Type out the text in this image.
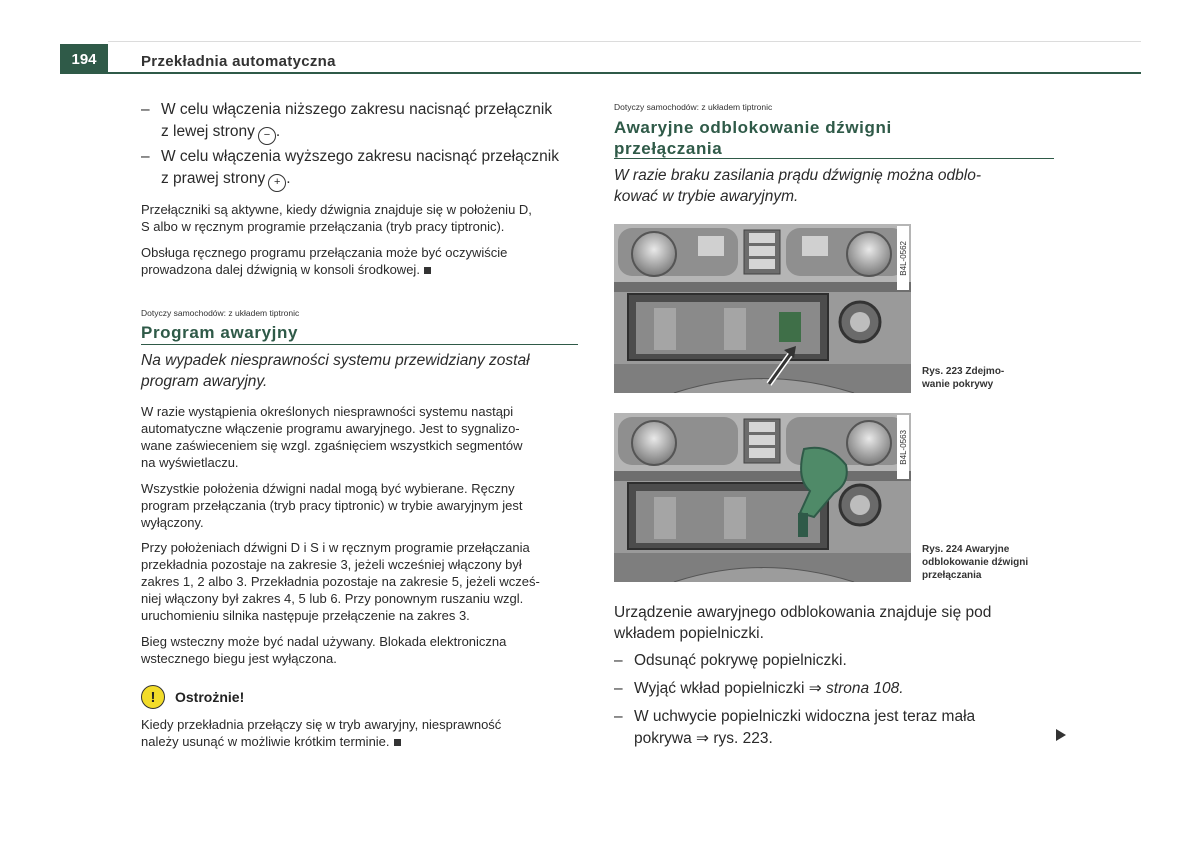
194	Przekładnia automatyczna
– W celu włączenia niższego zakresu nacisnąć przełącznik
z lewej strony − .
– W celu włączenia wyższego zakresu nacisnąć przełącznik
z prawej strony + .
Przełączniki są aktywne, kiedy dźwignia znajduje się w położeniu D,
S albo w ręcznym programie przełączania (tryb pracy tiptronic).
Obsługa ręcznego programu przełączania może być oczywiście
prowadzona dalej dźwignią w konsoli środkowej.
Dotyczy samochodów: z układem tiptronic
Program awaryjny
Na wypadek niesprawności systemu przewidziany został
program awaryjny.
W razie wystąpienia określonych niesprawności systemu nastąpi
automatyczne włączenie programu awaryjnego. Jest to sygnalizo-
wane zaświeceniem się wzgl. zgaśnięciem wszystkich segmentów
na wyświetlaczu.
Wszystkie położenia dźwigni nadal mogą być wybierane. Ręczny
program przełączania (tryb pracy tiptronic) w trybie awaryjnym jest
wyłączony.
Przy położeniach dźwigni D i S i w ręcznym programie przełączania
przekładnia pozostaje na zakresie 3, jeżeli wcześniej włączony był
zakres 1, 2 albo 3. Przekładnia pozostaje na zakresie 5, jeżeli wcześ-
niej włączony był zakres 4, 5 lub 6. Przy ponownym ruszaniu wzgl.
uruchomieniu silnika następuje przełączenie na zakres 3.
Bieg wsteczny może być nadal używany. Blokada elektroniczna
wstecznego biegu jest wyłączona.
!	Ostrożnie!
Kiedy przekładnia przełączy się w tryb awaryjny, niesprawność
należy usunąć w możliwie krótkim terminie.
Dotyczy samochodów: z układem tiptronic
Awaryjne odblokowanie dźwigni
przełączania
W razie braku zasilania prądu dźwignię można odblo-
kować w trybie awaryjnym.
B4L-0562
Rys. 223 Zdejmo-
wanie pokrywy
B4L-0563
Rys. 224 Awaryjne
odblokowanie dźwigni
przełączania
Urządzenie awaryjnego odblokowania znajduje się pod
wkładem popielniczki.
– Odsunąć pokrywę popielniczki.
– Wyjąć wkład popielniczki ⇒ strona 108.
– W uchwycie popielniczki widoczna jest teraz mała
pokrywa ⇒ rys. 223.
